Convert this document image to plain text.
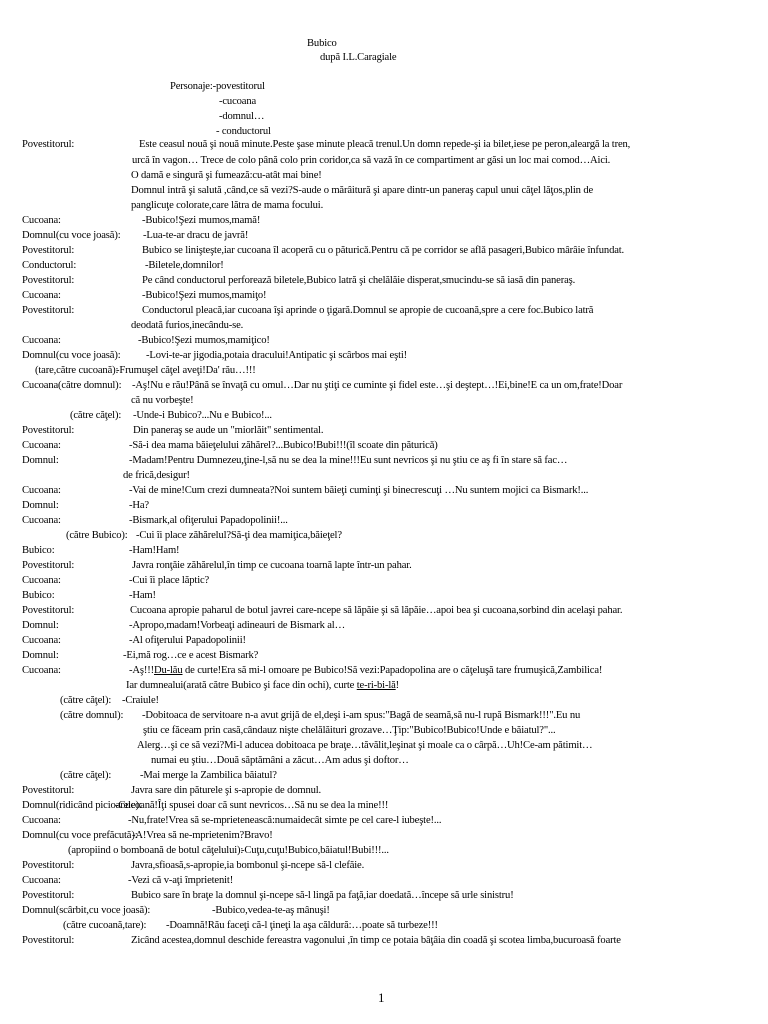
Bubico
după I.L.Caragiale
Personaje:-povestitorul
-cucoana
-domnul…
- conductorul
Povestitorul:	Este ceasul nouă şi nouă minute.Peste şase minute pleacă trenul.Un domn repede-şi ia bilet,iese pe peron,aleargă la tren,
urcă în vagon… Trece de colo până colo prin coridor,ca să vază în ce compartiment ar găsi un loc mai comod…Aici.
O damă e singură şi fumează:cu-atât mai bine!
Domnul intră şi salută ,când,ce să vezi?S-aude o mărâitură şi apare dintr-un paneraş capul unui căţel lăţos,plin de
panglicuţe colorate,care lătra de mama focului.
Cucoana:	-Bubico!Şezi mumos,mamă!
Domnul(cu voce joasă): -Lua-te-ar dracu de javră!
Povestitorul:	Bubico se linişteşte,iar cucoana îl acoperă cu o păturicǎ.Pentru cǎ pe corridor se aflǎ pasageri,Bubico mârâie înfundat.
Conductorul:	-Biletele,domnilor!
Povestitorul:	Pe când conductorul perforează biletele,Bubico latră şi chelălăie disperat,smucindu-se să iasă din paneraş.
Cucoana:	-Bubico!Şezi mumos,mamiţo!
Povestitorul:	Conductorul pleacă,iar cucoana îşi aprinde o ţigară.Domnul se apropie de cucoană,spre a cere foc.Bubico latră
deodată furios,inecându-se.
Cucoana:	-Bubico!Şezi mumos,mamiţico!
Domnul(cu voce joasă): -Lovi-te-ar jigodia,potaia dracului!Antipatic şi scârbos mai eşti!
(tare,către cucoană):
-Frumuşel căţel aveţi!Da' rău…!!!
Cucoana(către domnul): -Aş!Nu e rău!Până se învaţă cu omul…Dar nu ştiţi ce cuminte şi fidel este…şi deştept…!Ei,bine!E ca un om,frate!Doar
că nu vorbeşte!
(către căţel): -Unde-i Bubico?...Nu e Bubico!...
Povestitorul:	Din paneraş se aude un "miorlăit" sentimental.
Cucoana:	-Să-i dea mama băieţelului zăhărel?...Bubico!Bubi!!!(îl scoate din păturicǎ)
Domnul:	-Madam!Pentru Dumnezeu,ţine-l,să nu se dea la mine!!!Eu sunt nevricos şi nu ştiu ce aş fi în stare să fac…
de frică,desigur!
Cucoana:	-Vai de mine!Cum crezi dumneata?Noi suntem băieţi cuminţi şi binecrescuţi …Nu suntem mojici ca Bismark!...
Domnul:	-Ha?
Cucoana:	-Bismark,al ofiţerului Papadopolinii!...
(către Bubico): -Cui îi place zăhărelul?Să-ţi dea mamiţica,băieţel?
Bubico:	-Ham!Ham!
Povestitorul:	Javra ronţăie zăhărelul,în timp ce cucoana toarnă lapte într-un pahar.
Cucoana:	-Cui îi place lăptic?
Bubico:	-Ham!
Povestitorul:	Cucoana apropie paharul de botul javrei care-ncepe să lăpăie şi să lăpăie…apoi bea şi cucoana,sorbind din acelaşi pahar.
Domnul:	-Apropo,madam!Vorbeaţi adineauri de Bismark al…
Cucoana:	-Al ofiţerului Papadopolinii!
Domnul:	-Ei,mă rog…ce e acest Bismark?
Cucoana:	-Aş!!!Du-lău de curte!Era să mi-l omoare pe Bubico!Să vezi:Papadopolina are o căţeluşă tare frumuşică,Zambilica!
Iar dumnealui(arată către Bubico şi face din ochi), curte te-ri-bi-lă!
(către căţel): -Craiule!
(către domnul): -Dobitoaca de servitoare n-a avut grijă de el,deşi i-am spus:"Bagă de seamă,să nu-l rupă Bismark!!!".Eu nu
ştiu ce făceam prin casă,cândauz nişte chelălăituri grozave…Ţip:"Bubico!Bubico!Unde e băiatul?"...
Alerg…şi ce să vezi?Mi-l aducea dobitoaca pe braţe…tăvălit,leşinat şi moale ca o cârpă…Uh!Ce-am pătimit…
numai eu ştiu…Două săptămâni a zăcut…Am adus şi doftor…
(către căţel):	-Mai merge la Zambilica băiatul?
Povestitorul:	Javra sare din păturele şi s-apropie de domnul.
Domnul(ridicând picioarele):
-Cucoană!Îţi spusei doar că sunt nevricos…Să nu se dea la mine!!!
Cucoana:	-Nu,frate!Vrea să se-mprietenească:numaidecât simte pe cel care-l iubeşte!...
Domnul(cu voce prefăcută):
-A!Vrea să ne-mprietenim?Bravo!
(apropiind o bomboană de botul căţelului):
-Cuţu,cuţu!Bubico,băiatul!Bubi!!!...
Povestitorul:	Javra,sfioasă,s-apropie,ia bombonul şi-ncepe să-l clefăie.
Cucoana:	-Vezi că v-aţi împrietenit!
Povestitorul:	Bubico sare în braţe la domnul şi-ncepe să-l lingă pa faţă,iar doedată…începe să urle sinistru!
Domnul(scârbit,cu voce joasă):	-Bubico,vedea-te-aş mânuşi!
(către cucoană,tare): -Doamnă!Rău faceţi că-l ţineţi la aşa căldură:…poate să turbeze!!!
Povestitorul:	Zicând acestea,domnul deschide fereastra vagonului ,în timp ce potaia bâţâia din coadă şi scotea limba,bucuroasă foarte
1
